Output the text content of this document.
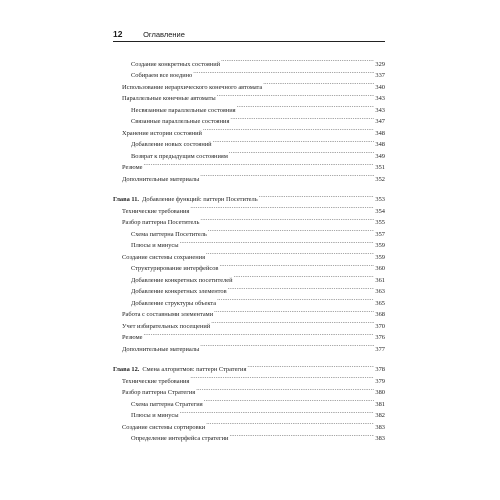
12	Оглавление
Создание конкретных состояний .....	329
Собираем все воедино .....	337
Использование иерархического конечного автомата .....	340
Параллельные конечные автоматы .....	343
Несвязанные параллельные состояния .....	343
Связанные параллельные состояния .....	347
Хранение истории состояний .....	348
Добавление новых состояний .....	348
Возврат к предыдущим состояниям .....	349
Резюме .....	351
Дополнительные материалы .....	352
Глава 11. Добавление функций: паттерн Посетитель .....	353
Технические требования .....	354
Разбор паттерна Посетитель .....	355
Схема паттерна Посетитель .....	357
Плюсы и минусы .....	359
Создание системы сохранения .....	359
Структурирование интерфейсов .....	360
Добавление конкретных посетителей .....	361
Добавление конкретных элементов .....	363
Добавление структуры объекта .....	365
Работа с составными элементами .....	368
Учет избирательных посещений .....	370
Резюме .....	376
Дополнительные материалы .....	377
Глава 12. Смена алгоритмов: паттерн Стратегия .....	378
Технические требования .....	379
Разбор паттерна Стратегия .....	380
Схема паттерна Стратегия .....	381
Плюсы и минусы .....	382
Создание системы сортировки .....	383
Определение интерфейса стратегии .....	383
